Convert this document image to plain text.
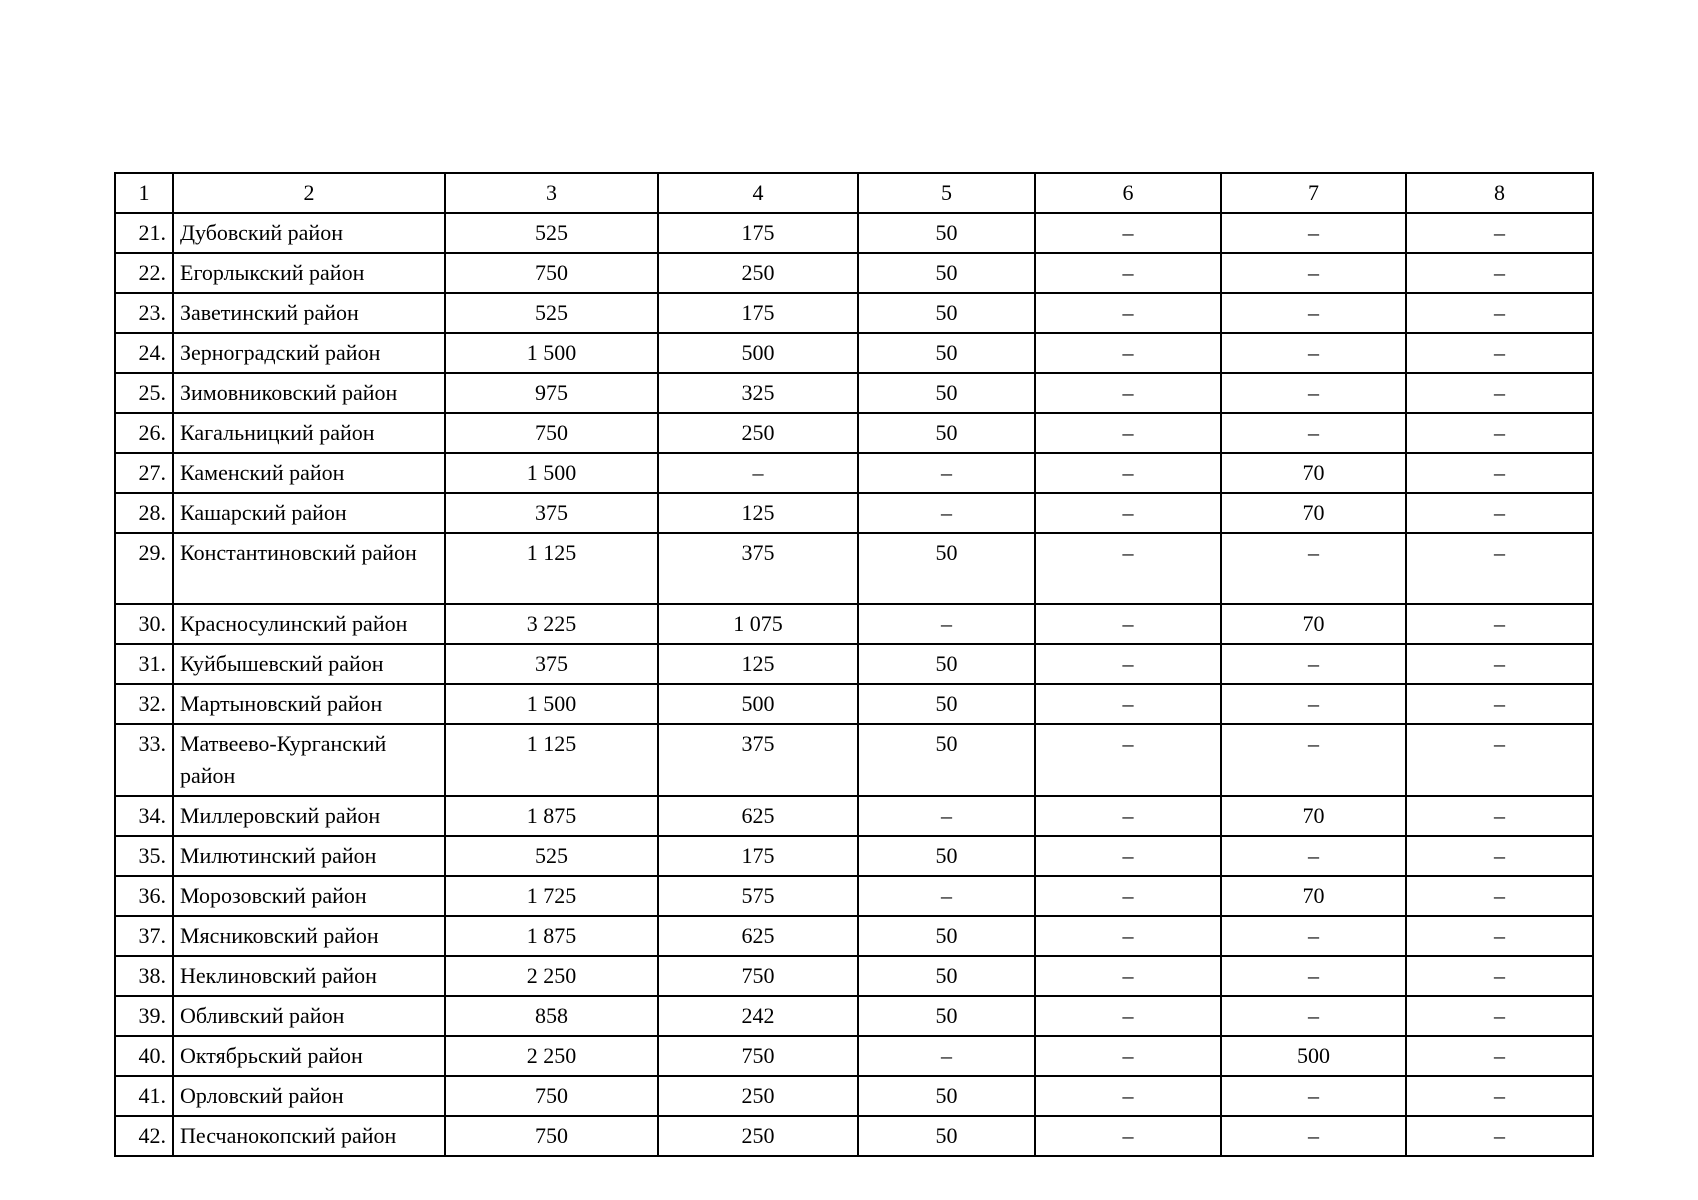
1	2	3	4	5	6	7	8
21.	Дубовский район	525	175	50	–	–	–
22.	Егорлыкский район	750	250	50	–	–	–
23.	Заветинский район	525	175	50	–	–	–
24.	Зерноградский район	1 500	500	50	–	–	–
25.	Зимовниковский район	975	325	50	–	–	–
26.	Кагальницкий район	750	250	50	–	–	–
27.	Каменский район	1 500	–	–	–	70	–
28.	Кашарский район	375	125	–	–	70	–
29.	Константиновский район	1 125	375	50	–	–	–
30.	Красносулинский район	3 225	1 075	–	–	70	–
31.	Куйбышевский район	375	125	50	–	–	–
32.	Мартыновский район	1 500	500	50	–	–	–
33.	Матвеево-Курганский район	1 125	375	50	–	–	–
34.	Миллеровский район	1 875	625	–	–	70	–
35.	Милютинский район	525	175	50	–	–	–
36.	Морозовский район	1 725	575	–	–	70	–
37.	Мясниковский район	1 875	625	50	–	–	–
38.	Неклиновский район	2 250	750	50	–	–	–
39.	Обливский район	858	242	50	–	–	–
40.	Октябрьский район	2 250	750	–	–	500	–
41.	Орловский район	750	250	50	–	–	–
42.	Песчанокопский район	750	250	50	–	–	–
